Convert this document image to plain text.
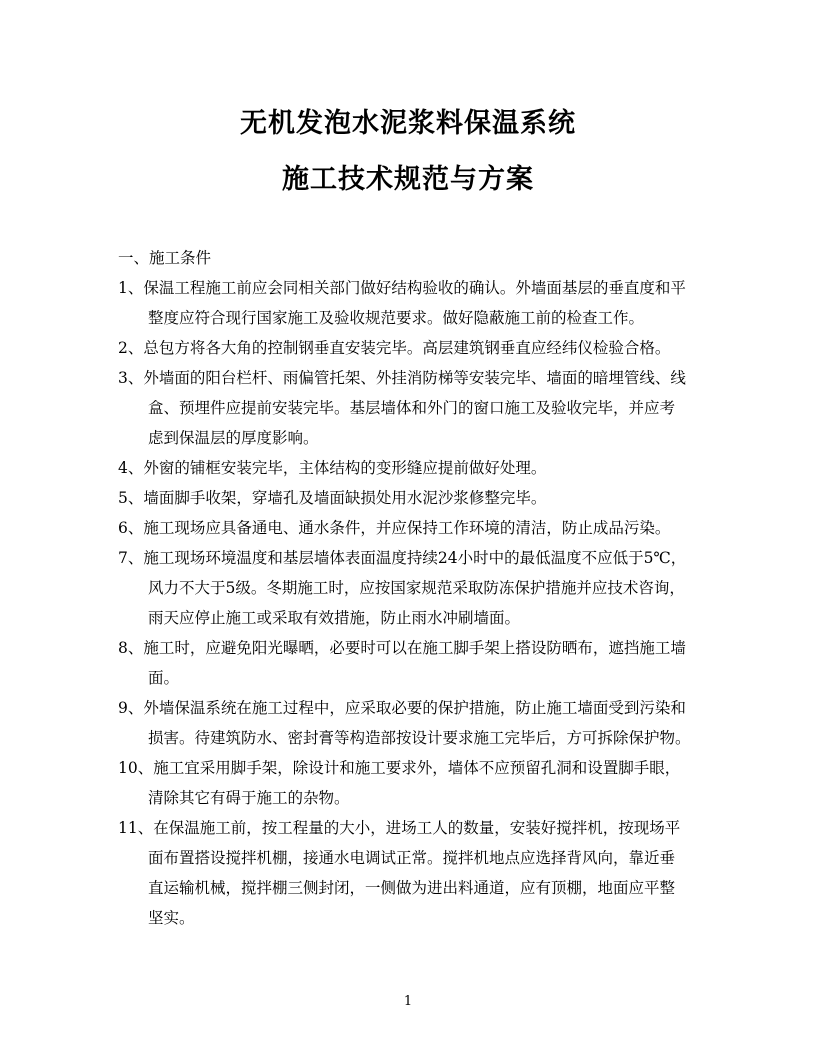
无机发泡水泥浆料保温系统
施工技术规范与方案

一、施工条件

1、保温工程施工前应会同相关部门做好结构验收的确认。外墙面基层的垂直度和平
整度应符合现行国家施工及验收规范要求。做好隐蔽施工前的检查工作。
2、总包方将各大角的控制钢垂直安装完毕。高层建筑钢垂直应经纬仪检验合格。
3、外墙面的阳台栏杆、雨偏管托架、外挂消防梯等安装完毕、墙面的暗埋管线、线
盒、预埋件应提前安装完毕。基层墙体和外门的窗口施工及验收完毕，并应考
虑到保温层的厚度影响。
4、外窗的铺框安装完毕，主体结构的变形缝应提前做好处理。
5、墙面脚手收架，穿墙孔及墙面缺损处用水泥沙浆修整完毕。
6、施工现场应具备通电、通水条件，并应保持工作环境的清洁，防止成品污染。
7、施工现场环境温度和基层墙体表面温度持续24小时中的最低温度不应低于5℃，
风力不大于5级。冬期施工时，应按国家规范采取防冻保护措施并应技术咨询，
雨天应停止施工或采取有效措施，防止雨水冲刷墙面。
8、施工时，应避免阳光曝晒，必要时可以在施工脚手架上搭设防晒布，遮挡施工墙
面。
9、外墙保温系统在施工过程中，应采取必要的保护措施，防止施工墙面受到污染和
损害。待建筑防水、密封膏等构造部按设计要求施工完毕后，方可拆除保护物。
10、施工宜采用脚手架，除设计和施工要求外，墙体不应预留孔洞和设置脚手眼，
清除其它有碍于施工的杂物。
11、在保温施工前，按工程量的大小，进场工人的数量，安装好搅拌机，按现场平
面布置搭设搅拌机棚，接通水电调试正常。搅拌机地点应选择背风向，靠近垂
直运输机械，搅拌棚三侧封闭，一侧做为进出料通道，应有顶棚，地面应平整
坚实。
1
